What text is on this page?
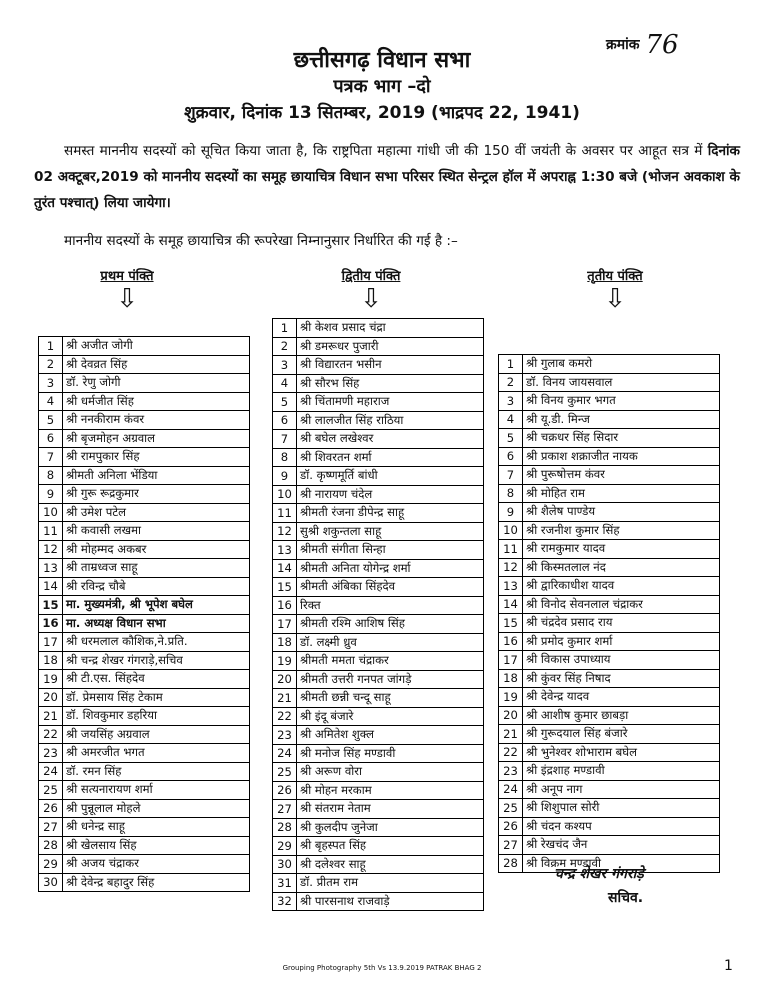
क्रमांक 76
छत्तीसगढ़ विधान सभा
पत्रक भाग –दो
शुक्रवार, दिनांक 13 सितम्बर, 2019 (भाद्रपद 22, 1941)
समस्त माननीय सदस्यों को सूचित किया जाता है, कि राष्ट्रपिता महात्मा गांधी जी की 150 वीं जयंती के अवसर पर आहूत सत्र में दिनांक 02 अक्टूबर,2019 को माननीय सदस्यों का समूह छायाचित्र विधान सभा परिसर स्थित सेन्ट्रल हॉल में अपराह्न 1:30 बजे (भोजन अवकाश के तुरंत पश्चात्) लिया जायेगा।
माननीय सदस्यों के समूह छायाचित्र की रूपरेखा निम्नानुसार निर्धारित की गई है :–
प्रथम पंक्ति
⇩
द्वितीय पंक्ति
⇩
तृतीय पंक्ति
⇩
1	श्री अजीत जोगी
2	श्री देवव्रत सिंह
3	डॉ. रेणु जोगी
4	श्री धर्मजीत सिंह
5	श्री ननकीराम कंवर
6	श्री बृजमोहन अग्रवाल
7	श्री रामपुकार सिंह
8	श्रीमती अनिला भेंडिया
9	श्री गुरू रूद्रकुमार
10	श्री उमेश पटेल
11	श्री कवासी लखमा
12	श्री मोहम्मद अकबर
13	श्री ताम्रध्वज साहू
14	श्री रविन्द्र चौबे
15	मा. मुख्यमंत्री, श्री भूपेश बघेल
16	मा. अध्यक्ष विधान सभा
17	श्री धरमलाल कौशिक,ने.प्रति.
18	श्री चन्द्र शेखर गंगराड़े,सचिव
19	श्री टी.एस. सिंहदेव
20	डॉ. प्रेमसाय सिंह टेकाम
21	डॉ. शिवकुमार डहरिया
22	श्री जयसिंह अग्रवाल
23	श्री अमरजीत भगत
24	डॉ. रमन सिंह
25	श्री सत्यनारायण शर्मा
26	श्री पुन्नूलाल मोहले
27	श्री धनेन्द्र साहू
28	श्री खेलसाय सिंह
29	श्री अजय चंद्राकर
30	श्री देवेन्द्र बहादुर सिंह
1	श्री केशव प्रसाद चंद्रा
2	श्री डमरूधर पुजारी
3	श्री विद्यारतन भसीन
4	श्री सौरभ सिंह
5	श्री चिंतामणी महाराज
6	श्री लालजीत सिंह राठिया
7	श्री बघेल लखेश्वर
8	श्री शिवरतन शर्मा
9	डॉ. कृष्णमूर्ति बांधी
10	श्री नारायण चंदेल
11	श्रीमती रंजना डीपेन्द्र साहू
12	सुश्री शकुन्तला साहू
13	श्रीमती संगीता सिन्हा
14	श्रीमती अनिता योगेन्द्र शर्मा
15	श्रीमती अंबिका सिंहदेव
16	रिक्त
17	श्रीमती रश्मि आशिष सिंह
18	डॉ. लक्ष्मी ध्रुव
19	श्रीमती ममता चंद्राकर
20	श्रीमती उत्तरी गनपत जांगड़े
21	श्रीमती छन्नी चन्दू साहू
22	श्री इंदू बंजारे
23	श्री अमितेश शुक्ल
24	श्री मनोज सिंह मण्डावी
25	श्री अरूण वोरा
26	श्री मोहन मरकाम
27	श्री संतराम नेताम
28	श्री कुलदीप जुनेजा
29	श्री बृहस्पत सिंह
30	श्री दलेश्वर साहू
31	डॉ. प्रीतम राम
32	श्री पारसनाथ राजवाड़े
1	श्री गुलाब कमरो
2	डॉ. विनय जायसवाल
3	श्री विनय कुमार भगत
4	श्री यू.डी. मिन्ज
5	श्री चक्रधर सिंह सिदार
6	श्री प्रकाश शक्राजीत नायक
7	श्री पुरूषोत्तम कंवर
8	श्री मोहित राम
9	श्री शैलेष पाण्डेय
10	श्री रजनीश कुमार सिंह
11	श्री रामकुमार यादव
12	श्री किस्मतलाल नंद
13	श्री द्वारिकाधीश यादव
14	श्री विनोद सेवनलाल चंद्राकर
15	श्री चंद्रदेव प्रसाद राय
16	श्री प्रमोद कुमार शर्मा
17	श्री विकास उपाध्याय
18	श्री कुंवर सिंह निषाद
19	श्री देवेन्द्र यादव
20	श्री आशीष कुमार छाबड़ा
21	श्री गुरूदयाल सिंह बंजारे
22	श्री भुनेश्वर शोभाराम बघेल
23	श्री इंद्रशाह मण्डावी
24	श्री अनूप नाग
25	श्री शिशुपाल सोरी
26	श्री चंदन कश्यप
27	श्री रेखचंद जैन
28	श्री विक्रम मण्डावी
चन्द्र शेखर गंगराड़े
सचिव.
Grouping Photography 5th Vs 13.9.2019 PATRAK BHAG 2	1
